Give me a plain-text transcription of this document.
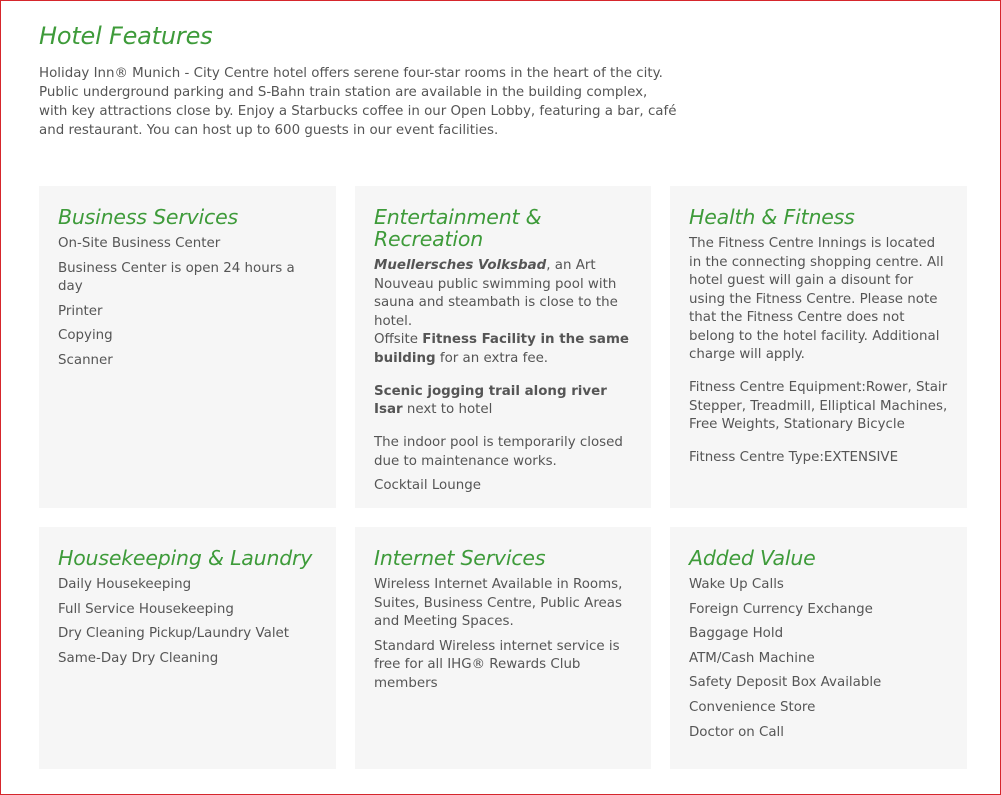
Hotel Features

Holiday Inn® Munich - City Centre hotel offers serene four-star rooms in the heart of the city. Public underground parking and S-Bahn train station are available in the building complex, with key attractions close by. Enjoy a Starbucks coffee in our Open Lobby, featuring a bar, café and restaurant. You can host up to 600 guests in our event facilities.

Business Services
On-Site Business Center
Business Center is open 24 hours a day
Printer
Copying
Scanner
Entertainment & Recreation

Muellersches Volksbad, an Art Nouveau public swimming pool with sauna and steambath is close to the hotel.
Offsite Fitness Facility in the same building for an extra fee.

Scenic jogging trail along river Isar next to hotel

The indoor pool is temporarily closed due to maintenance works.

Cocktail Lounge

Health & Fitness

The Fitness Centre Innings is located in the connecting shopping centre. All hotel guest will gain a disount for using the Fitness Centre. Please note that the Fitness Centre does not belong to the hotel facility. Additional charge will apply.

Fitness Centre Equipment:Rower, Stair Stepper, Treadmill, Elliptical Machines, Free Weights, Stationary Bicycle

Fitness Centre Type:EXTENSIVE

Housekeeping & Laundry
Daily Housekeeping
Full Service Housekeeping
Dry Cleaning Pickup/Laundry Valet
Same-Day Dry Cleaning
Internet Services

Wireless Internet Available in Rooms, Suites, Business Centre, Public Areas and Meeting Spaces.

Standard Wireless internet service is free for all IHG® Rewards Club members

Added Value
Wake Up Calls
Foreign Currency Exchange
Baggage Hold
ATM/Cash Machine
Safety Deposit Box Available
Convenience Store
Doctor on Call
